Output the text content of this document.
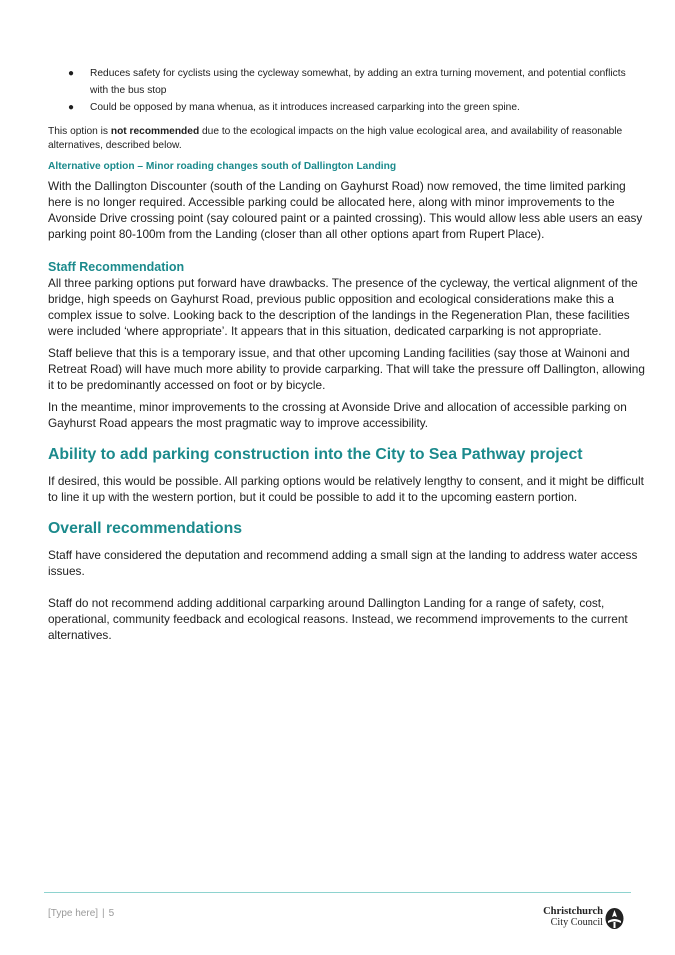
● Reduces safety for cyclists using the cycleway somewhat, by adding an extra turning movement, and potential conflicts with the bus stop
● Could be opposed by mana whenua, as it introduces increased carparking into the green spine.

This option is not recommended due to the ecological impacts on the high value ecological area, and availability of reasonable alternatives, described below.

Alternative option – Minor roading changes south of Dallington Landing

With the Dallington Discounter (south of the Landing on Gayhurst Road) now removed, the time limited parking here is no longer required. Accessible parking could be allocated here, along with minor improvements to the Avonside Drive crossing point (say coloured paint or a painted crossing). This would allow less able users an easy parking point 80-100m from the Landing (closer than all other options apart from Rupert Place).

Staff Recommendation

All three parking options put forward have drawbacks. The presence of the cycleway, the vertical alignment of the bridge, high speeds on Gayhurst Road, previous public opposition and ecological considerations make this a complex issue to solve. Looking back to the description of the landings in the Regeneration Plan, these facilities were included ‘where appropriate’. It appears that in this situation, dedicated carparking is not appropriate.

Staff believe that this is a temporary issue, and that other upcoming Landing facilities (say those at Wainoni and Retreat Road) will have much more ability to provide carparking. That will take the pressure off Dallington, allowing it to be predominantly accessed on foot or by bicycle.

In the meantime, minor improvements to the crossing at Avonside Drive and allocation of accessible parking on Gayhurst Road appears the most pragmatic way to improve accessibility.

Ability to add parking construction into the City to Sea Pathway project

If desired, this would be possible. All parking options would be relatively lengthy to consent, and it might be difficult to line it up with the western portion, but it could be possible to add it to the upcoming eastern portion.

Overall recommendations

Staff have considered the deputation and recommend adding a small sign at the landing to address water access issues.

Staff do not recommend adding additional carparking around Dallington Landing for a range of safety, cost, operational, community feedback and ecological reasons. Instead, we recommend improvements to the current alternatives.

[Type here] | 5	Christchurch
City Council
